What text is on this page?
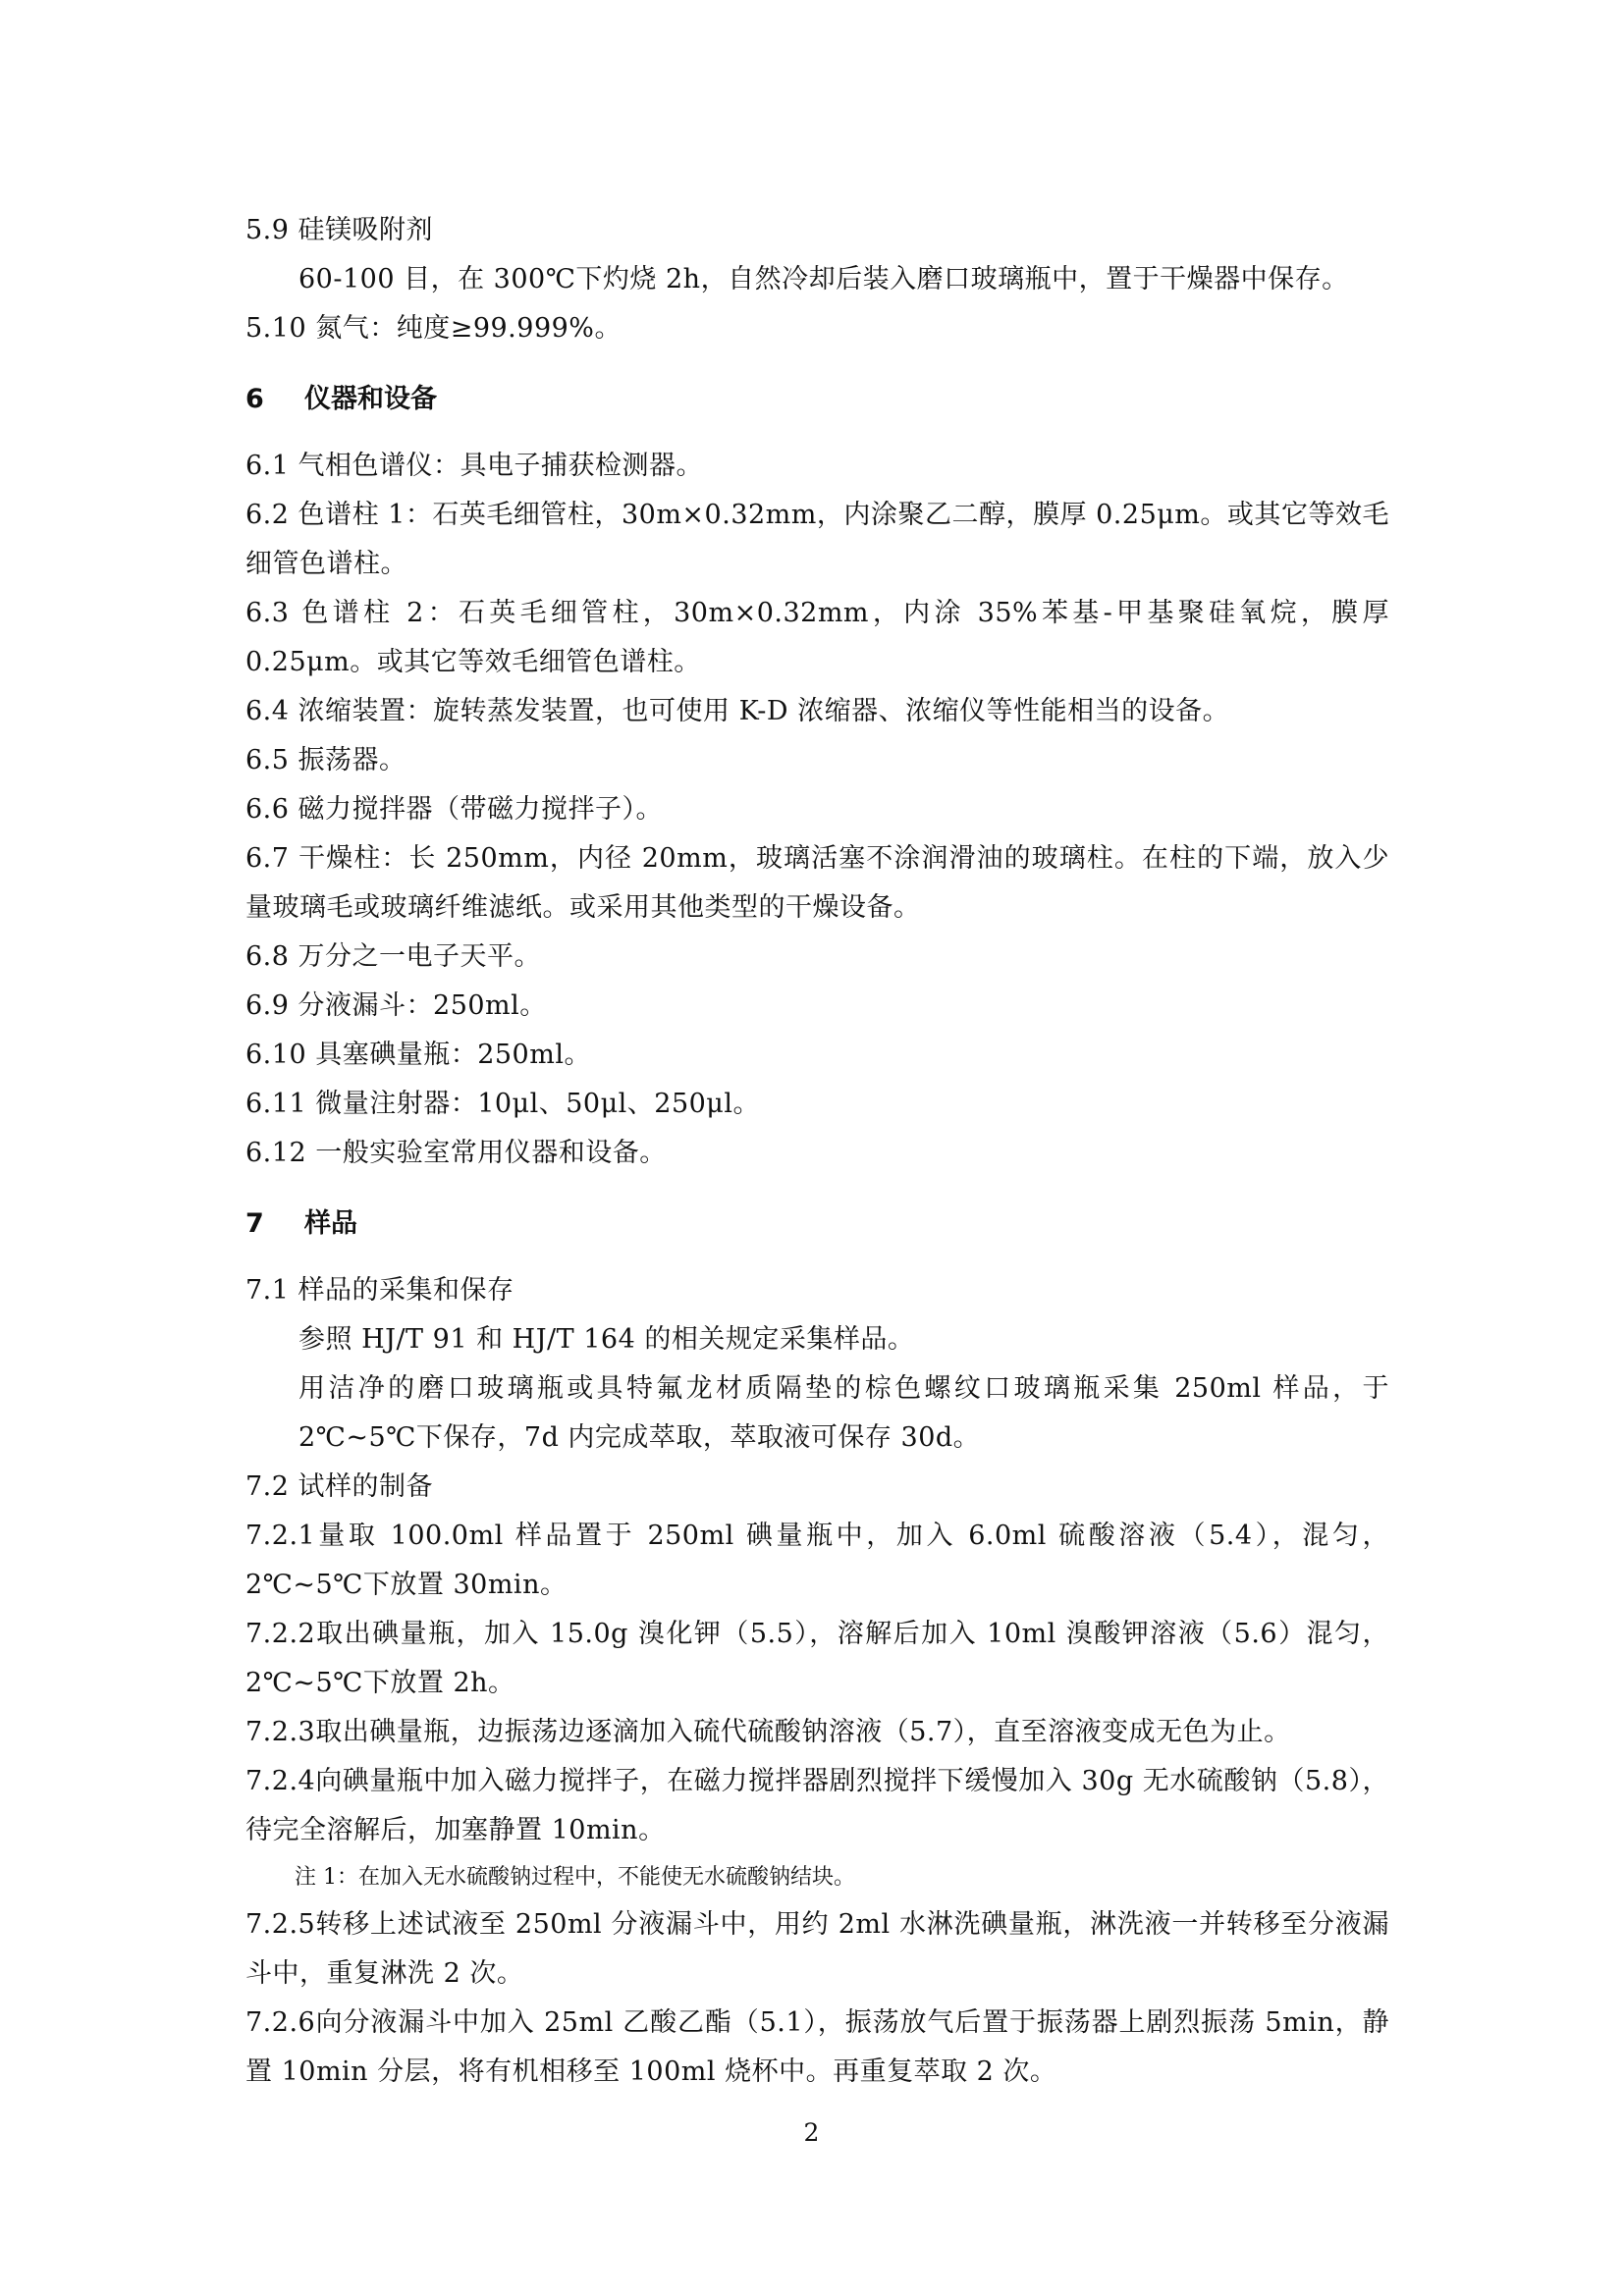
5.9 硅镁吸附剂
60-100 目，在 300℃下灼烧 2h，自然冷却后装入磨口玻璃瓶中，置于干燥器中保存。
5.10 氮气：纯度≥99.999%。
6 仪器和设备
6.1 气相色谱仪：具电子捕获检测器。
6.2 色谱柱 1：石英毛细管柱，30m×0.32mm，内涂聚乙二醇，膜厚 0.25μm。或其它等效毛细管色谱柱。
6.3 色谱柱 2：石英毛细管柱，30m×0.32mm，内涂 35%苯基-甲基聚硅氧烷，膜厚 0.25μm。或其它等效毛细管色谱柱。
6.4 浓缩装置：旋转蒸发装置，也可使用 K-D 浓缩器、浓缩仪等性能相当的设备。
6.5 振荡器。
6.6 磁力搅拌器（带磁力搅拌子）。
6.7 干燥柱：长 250mm，内径 20mm，玻璃活塞不涂润滑油的玻璃柱。在柱的下端，放入少量玻璃毛或玻璃纤维滤纸。或采用其他类型的干燥设备。
6.8 万分之一电子天平。
6.9 分液漏斗：250ml。
6.10 具塞碘量瓶：250ml。
6.11 微量注射器：10μl、50μl、250μl。
6.12 一般实验室常用仪器和设备。
7 样品
7.1 样品的采集和保存
参照 HJ/T 91 和 HJ/T 164 的相关规定采集样品。
用洁净的磨口玻璃瓶或具特氟龙材质隔垫的棕色螺纹口玻璃瓶采集 250ml 样品，于 2℃~5℃下保存，7d 内完成萃取，萃取液可保存 30d。
7.2 试样的制备
7.2.1量取 100.0ml 样品置于 250ml 碘量瓶中，加入 6.0ml 硫酸溶液（5.4），混匀，2℃~5℃下放置 30min。
7.2.2取出碘量瓶，加入 15.0g 溴化钾（5.5），溶解后加入 10ml 溴酸钾溶液（5.6）混匀，2℃~5℃下放置 2h。
7.2.3取出碘量瓶，边振荡边逐滴加入硫代硫酸钠溶液（5.7），直至溶液变成无色为止。
7.2.4向碘量瓶中加入磁力搅拌子，在磁力搅拌器剧烈搅拌下缓慢加入 30g 无水硫酸钠（5.8），待完全溶解后，加塞静置 10min。
注 1：在加入无水硫酸钠过程中，不能使无水硫酸钠结块。
7.2.5转移上述试液至 250ml 分液漏斗中，用约 2ml 水淋洗碘量瓶，淋洗液一并转移至分液漏斗中，重复淋洗 2 次。
7.2.6向分液漏斗中加入 25ml 乙酸乙酯（5.1），振荡放气后置于振荡器上剧烈振荡 5min，静置 10min 分层，将有机相移至 100ml 烧杯中。再重复萃取 2 次。
2
